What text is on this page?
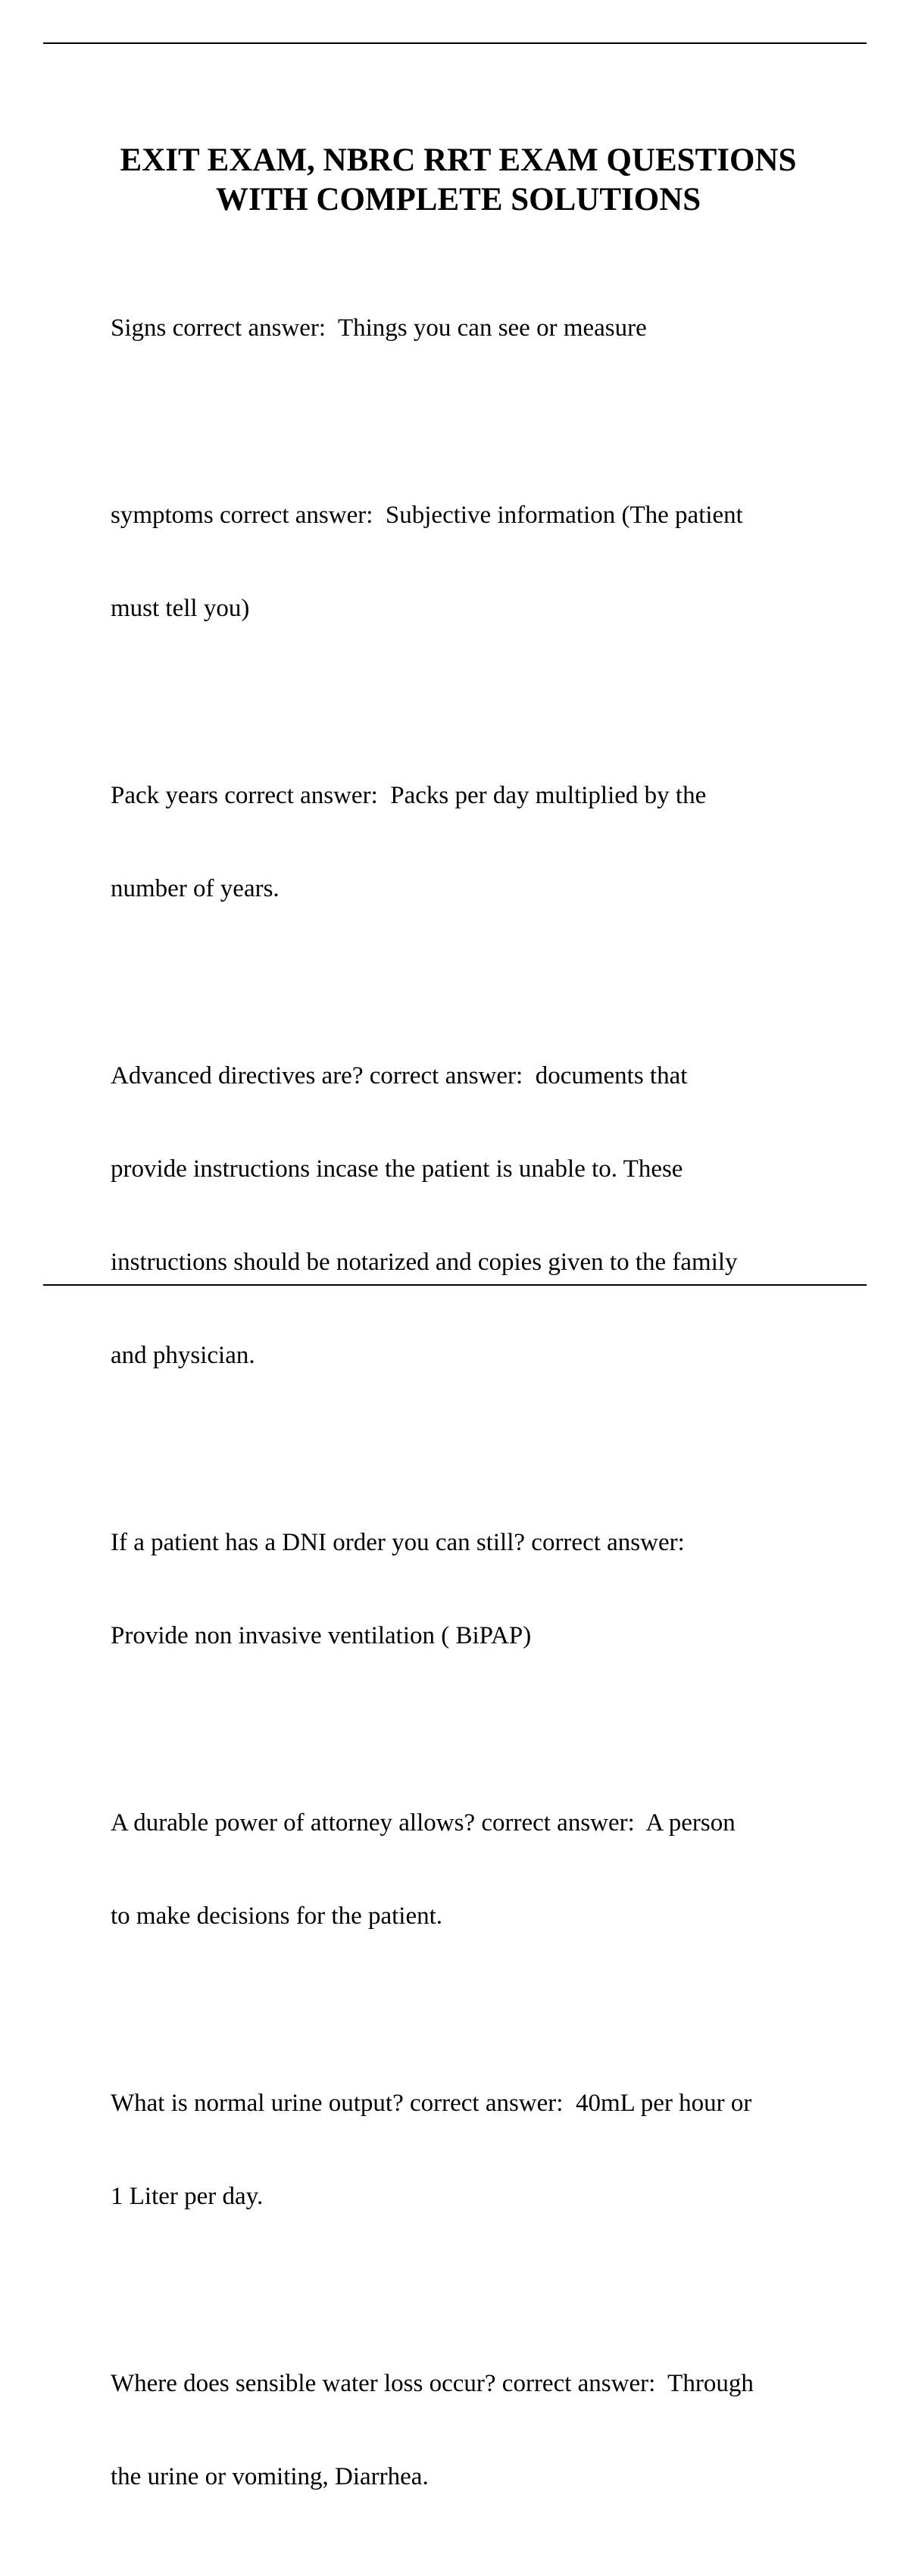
EXIT EXAM, NBRC RRT EXAM QUESTIONS
WITH COMPLETE SOLUTIONS

Signs correct answer:  Things you can see or measure

symptoms correct answer:  Subjective information (The patient

must tell you)

Pack years correct answer:  Packs per day multiplied by the

number of years.

Advanced directives are? correct answer:  documents that

provide instructions incase the patient is unable to. These

instructions should be notarized and copies given to the family

and physician.

If a patient has a DNI order you can still? correct answer:

Provide non invasive ventilation ( BiPAP)

A durable power of attorney allows? correct answer:  A person

to make decisions for the patient.

What is normal urine output? correct answer:  40mL per hour or

1 Liter per day.

Where does sensible water loss occur? correct answer:  Through

the urine or vomiting, Diarrhea.
